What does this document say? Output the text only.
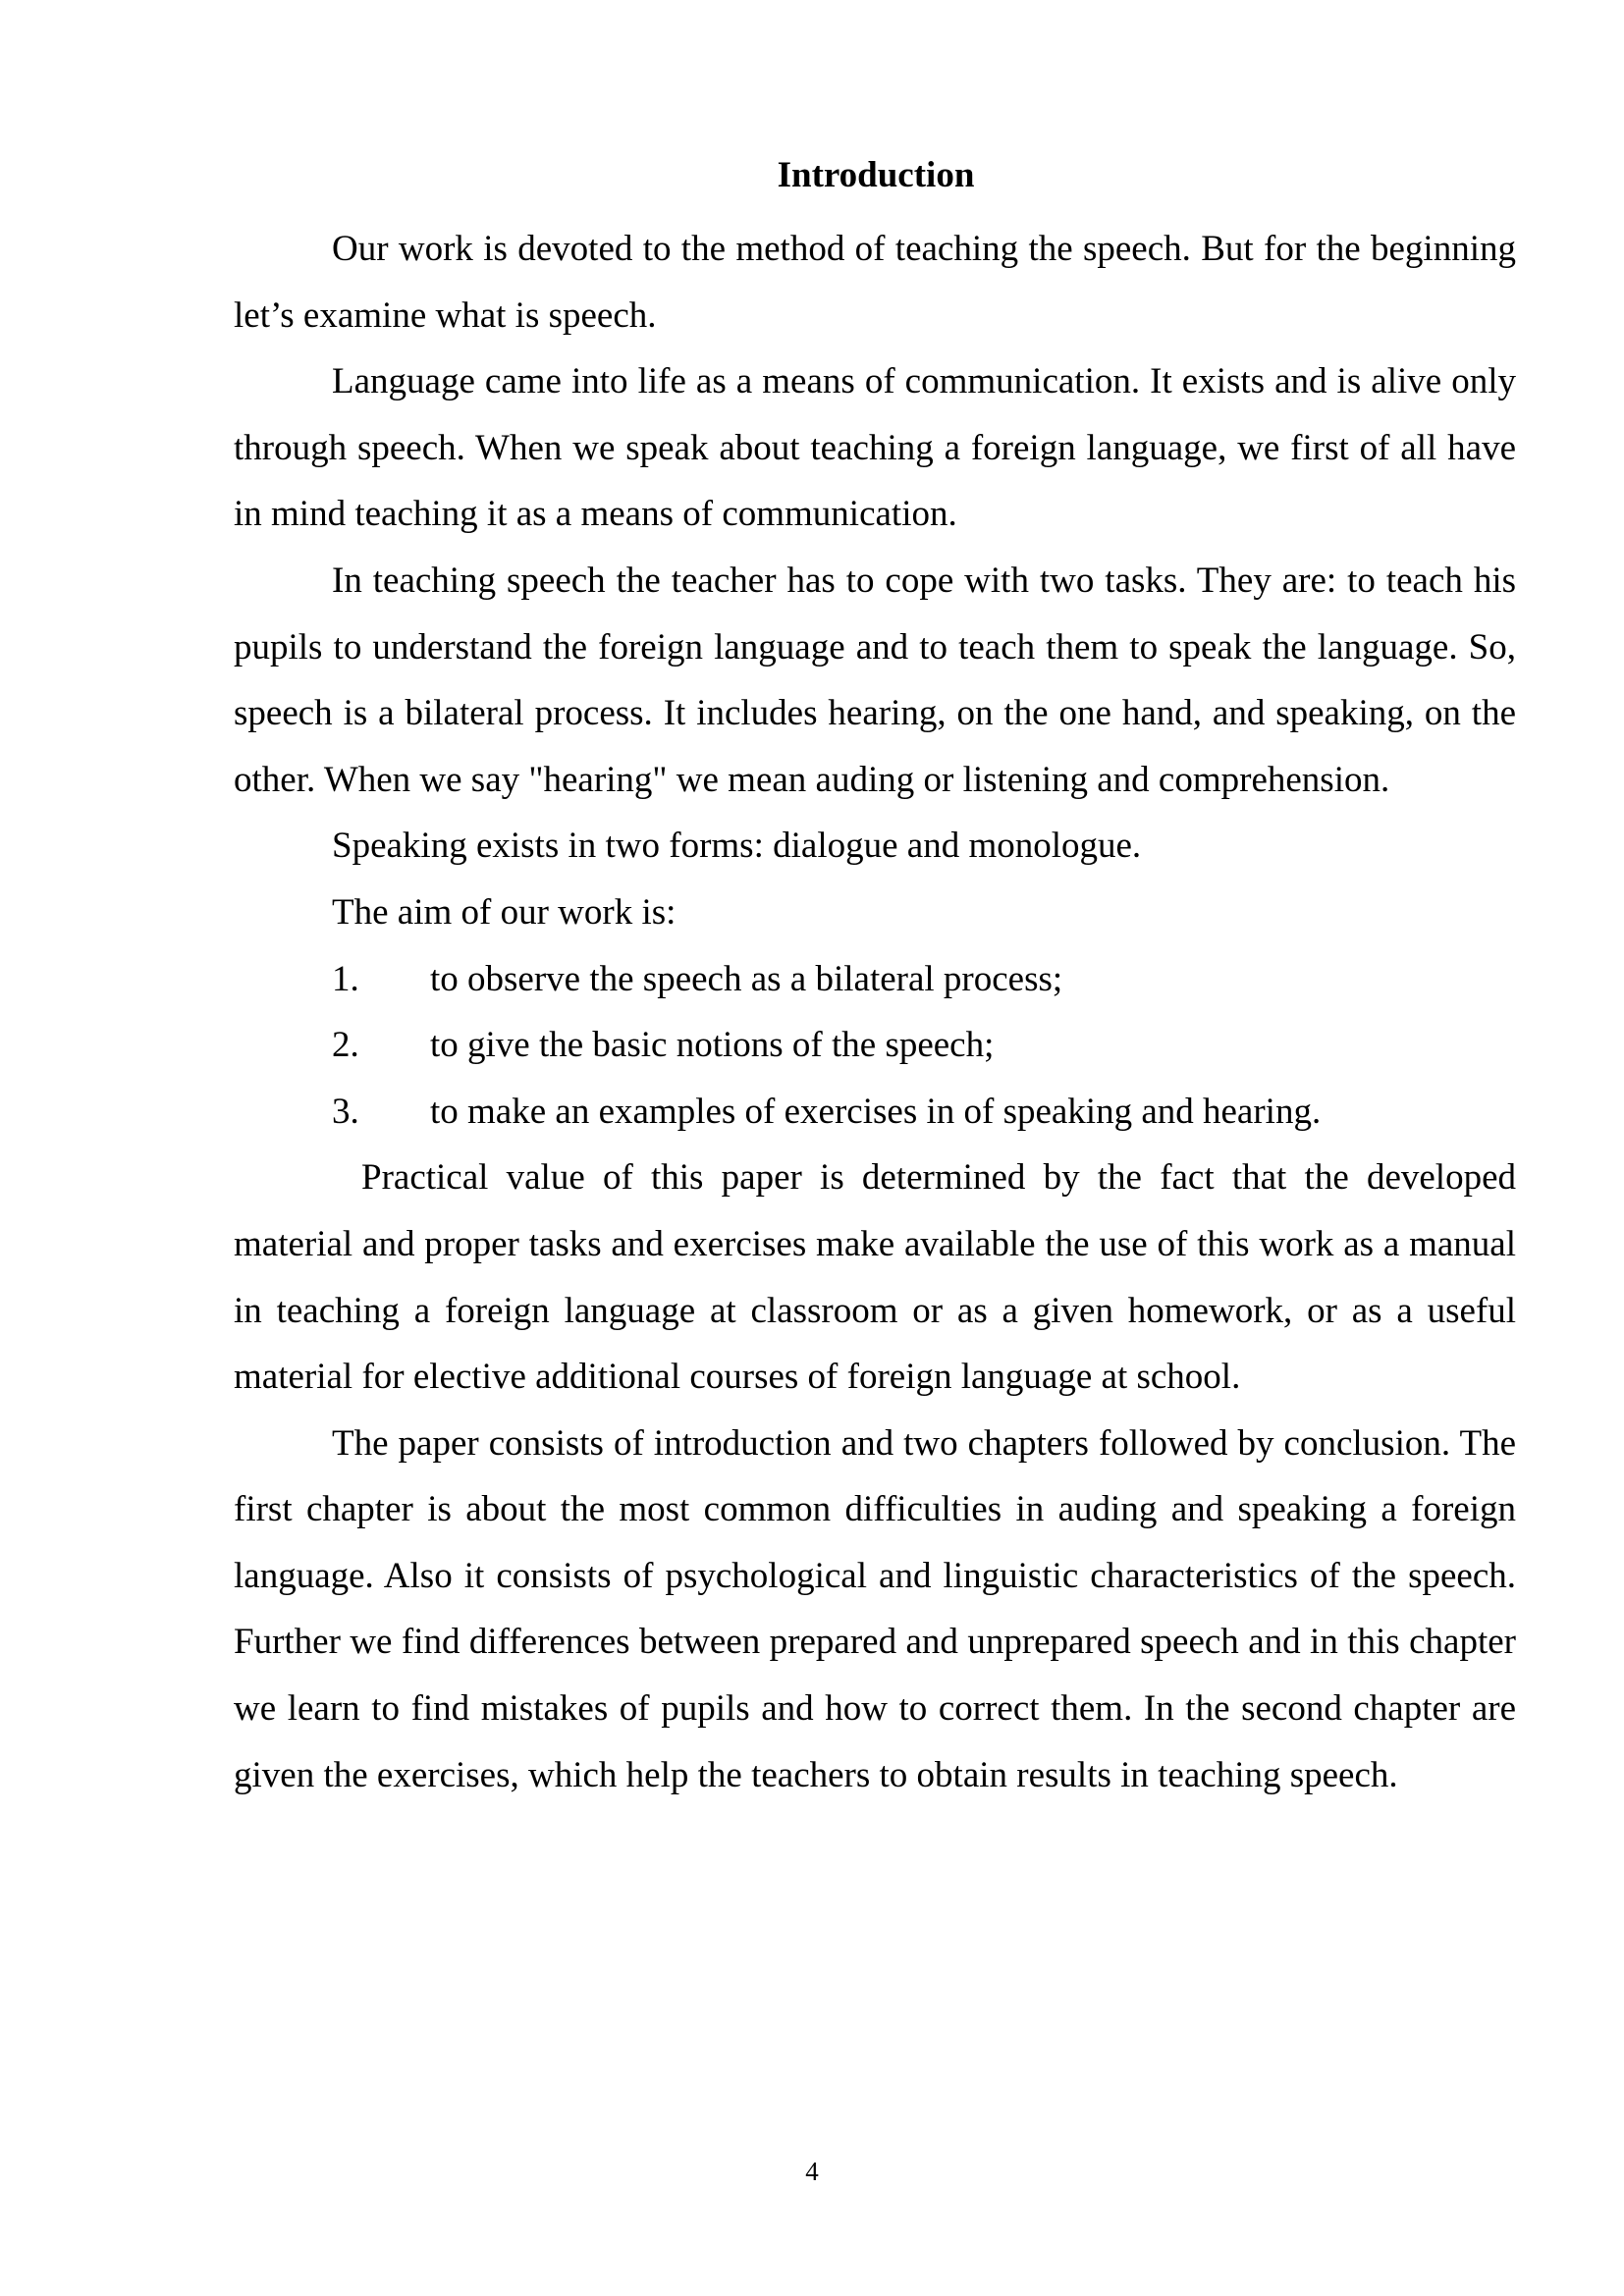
Introduction

Our work is devoted to the method of teaching the speech. But for the beginning let’s examine what is speech.

Language came into life as a means of communication. It exists and is alive only through speech. When we speak about teaching a foreign language, we first of all have in mind teaching it as a means of communication.

In teaching speech the teacher has to cope with two tasks. They are: to teach his pupils to understand the foreign language and to teach them to speak the language. So, speech is a bilateral process. It includes hearing, on the one hand, and speaking, on the other. When we say "hearing" we mean auding or listening and comprehension.

Speaking exists in two forms: dialogue and monologue.
The aim of our work is:
1.	to observe the speech as a bilateral process;
2.	to give the basic notions of the speech;
3.	to make an examples of exercises in of speaking and hearing.

Practical value of this paper is determined by the fact that the developed material and proper tasks and exercises make available the use of this work as a manual in teaching a foreign language at classroom or as a given homework, or as a useful material for elective additional courses of foreign language at school.

The paper consists of introduction and two chapters followed by conclusion. The first chapter is about the most common difficulties in auding and speaking a foreign language. Also it consists of psychological and linguistic characteristics of the speech. Further we find differences between prepared and unprepared speech and in this chapter we learn to find mistakes of pupils and how to correct them. In the second chapter are given the exercises, which help the teachers to obtain results in teaching speech.

4
